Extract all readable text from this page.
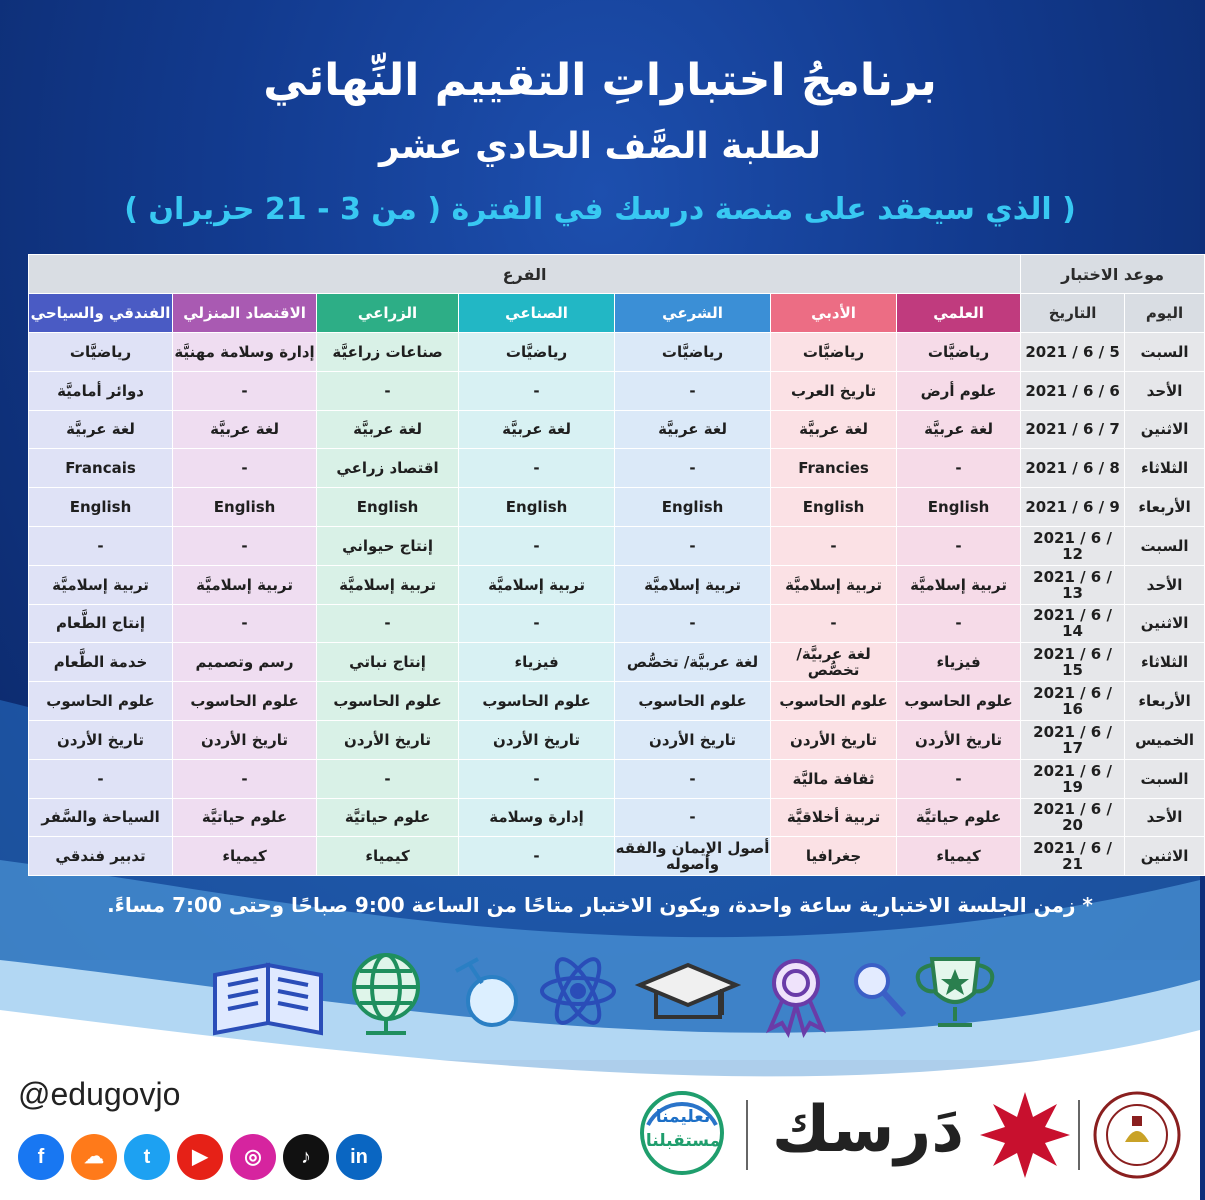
برنامجُ اختباراتِ التقييم النِّهائي
لطلبة الصَّف الحادي عشر
( الذي سيعقد على منصة درسك في الفترة ( من 3 - 21 حزيران )
موعد الاختبار		الفرع						
اليوم	التاريخ	العلمي	الأدبي	الشرعي	الصناعي	الزراعي	الاقتصاد المنزلي	الفندقي والسياحي
السبت	2021 / 6 / 5	رياضيَّات	رياضيَّات	رياضيَّات	رياضيَّات	صناعات زراعيَّة	إدارة وسلامة مهنيَّة	رياضيَّات
الأحد	2021 / 6 / 6	علوم أرض	تاريخ العرب	-	-	-	-	دوائر أماميَّة
الاثنين	2021 / 6 / 7	لغة عربيَّة	لغة عربيَّة	لغة عربيَّة	لغة عربيَّة	لغة عربيَّة	لغة عربيَّة	لغة عربيَّة
الثلاثاء	2021 / 6 / 8	-	Francies	-	-	اقتصاد زراعي	-	Francais
الأربعاء	2021 / 6 / 9	English	English	English	English	English	English	English
السبت	2021 / 6 / 12	-	-	-	-	إنتاج حيواني	-	-
الأحد	2021 / 6 / 13	تربية إسلاميَّة	تربية إسلاميَّة	تربية إسلاميَّة	تربية إسلاميَّة	تربية إسلاميَّة	تربية إسلاميَّة	تربية إسلاميَّة
الاثنين	2021 / 6 / 14	-	-	-	-	-	-	إنتاج الطَّعام
الثلاثاء	2021 / 6 / 15	فيزياء	لغة عربيَّة/ تخصُّص	لغة عربيَّة/ تخصُّص	فيزياء	إنتاج نباتي	رسم وتصميم	خدمة الطَّعام
الأربعاء	2021 / 6 / 16	علوم الحاسوب	علوم الحاسوب	علوم الحاسوب	علوم الحاسوب	علوم الحاسوب	علوم الحاسوب	علوم الحاسوب
الخميس	2021 / 6 / 17	تاريخ الأردن	تاريخ الأردن	تاريخ الأردن	تاريخ الأردن	تاريخ الأردن	تاريخ الأردن	تاريخ الأردن
السبت	2021 / 6 / 19	-	ثقافة ماليَّة	-	-	-	-	-
الأحد	2021 / 6 / 20	علوم حياتيَّة	تربية أخلاقيَّة	-	إدارة وسلامة	علوم حياتيَّة	علوم حياتيَّة	السياحة والسَّفر
الاثنين	2021 / 6 / 21	كيمياء	جغرافيا	أصول الإيمان والفقه وأصوله	-	كيمياء	كيمياء	تدبير فندقي
* زمن الجلسة الاختبارية ساعة واحدة، ويكون الاختبار متاحًا من الساعة 9:00 صباحًا وحتى 7:00 مساءً.
@edugovjo
f ☁ t ▶ ◎ ♪ in
تعليمنا
مستقبلنا دَرسك
